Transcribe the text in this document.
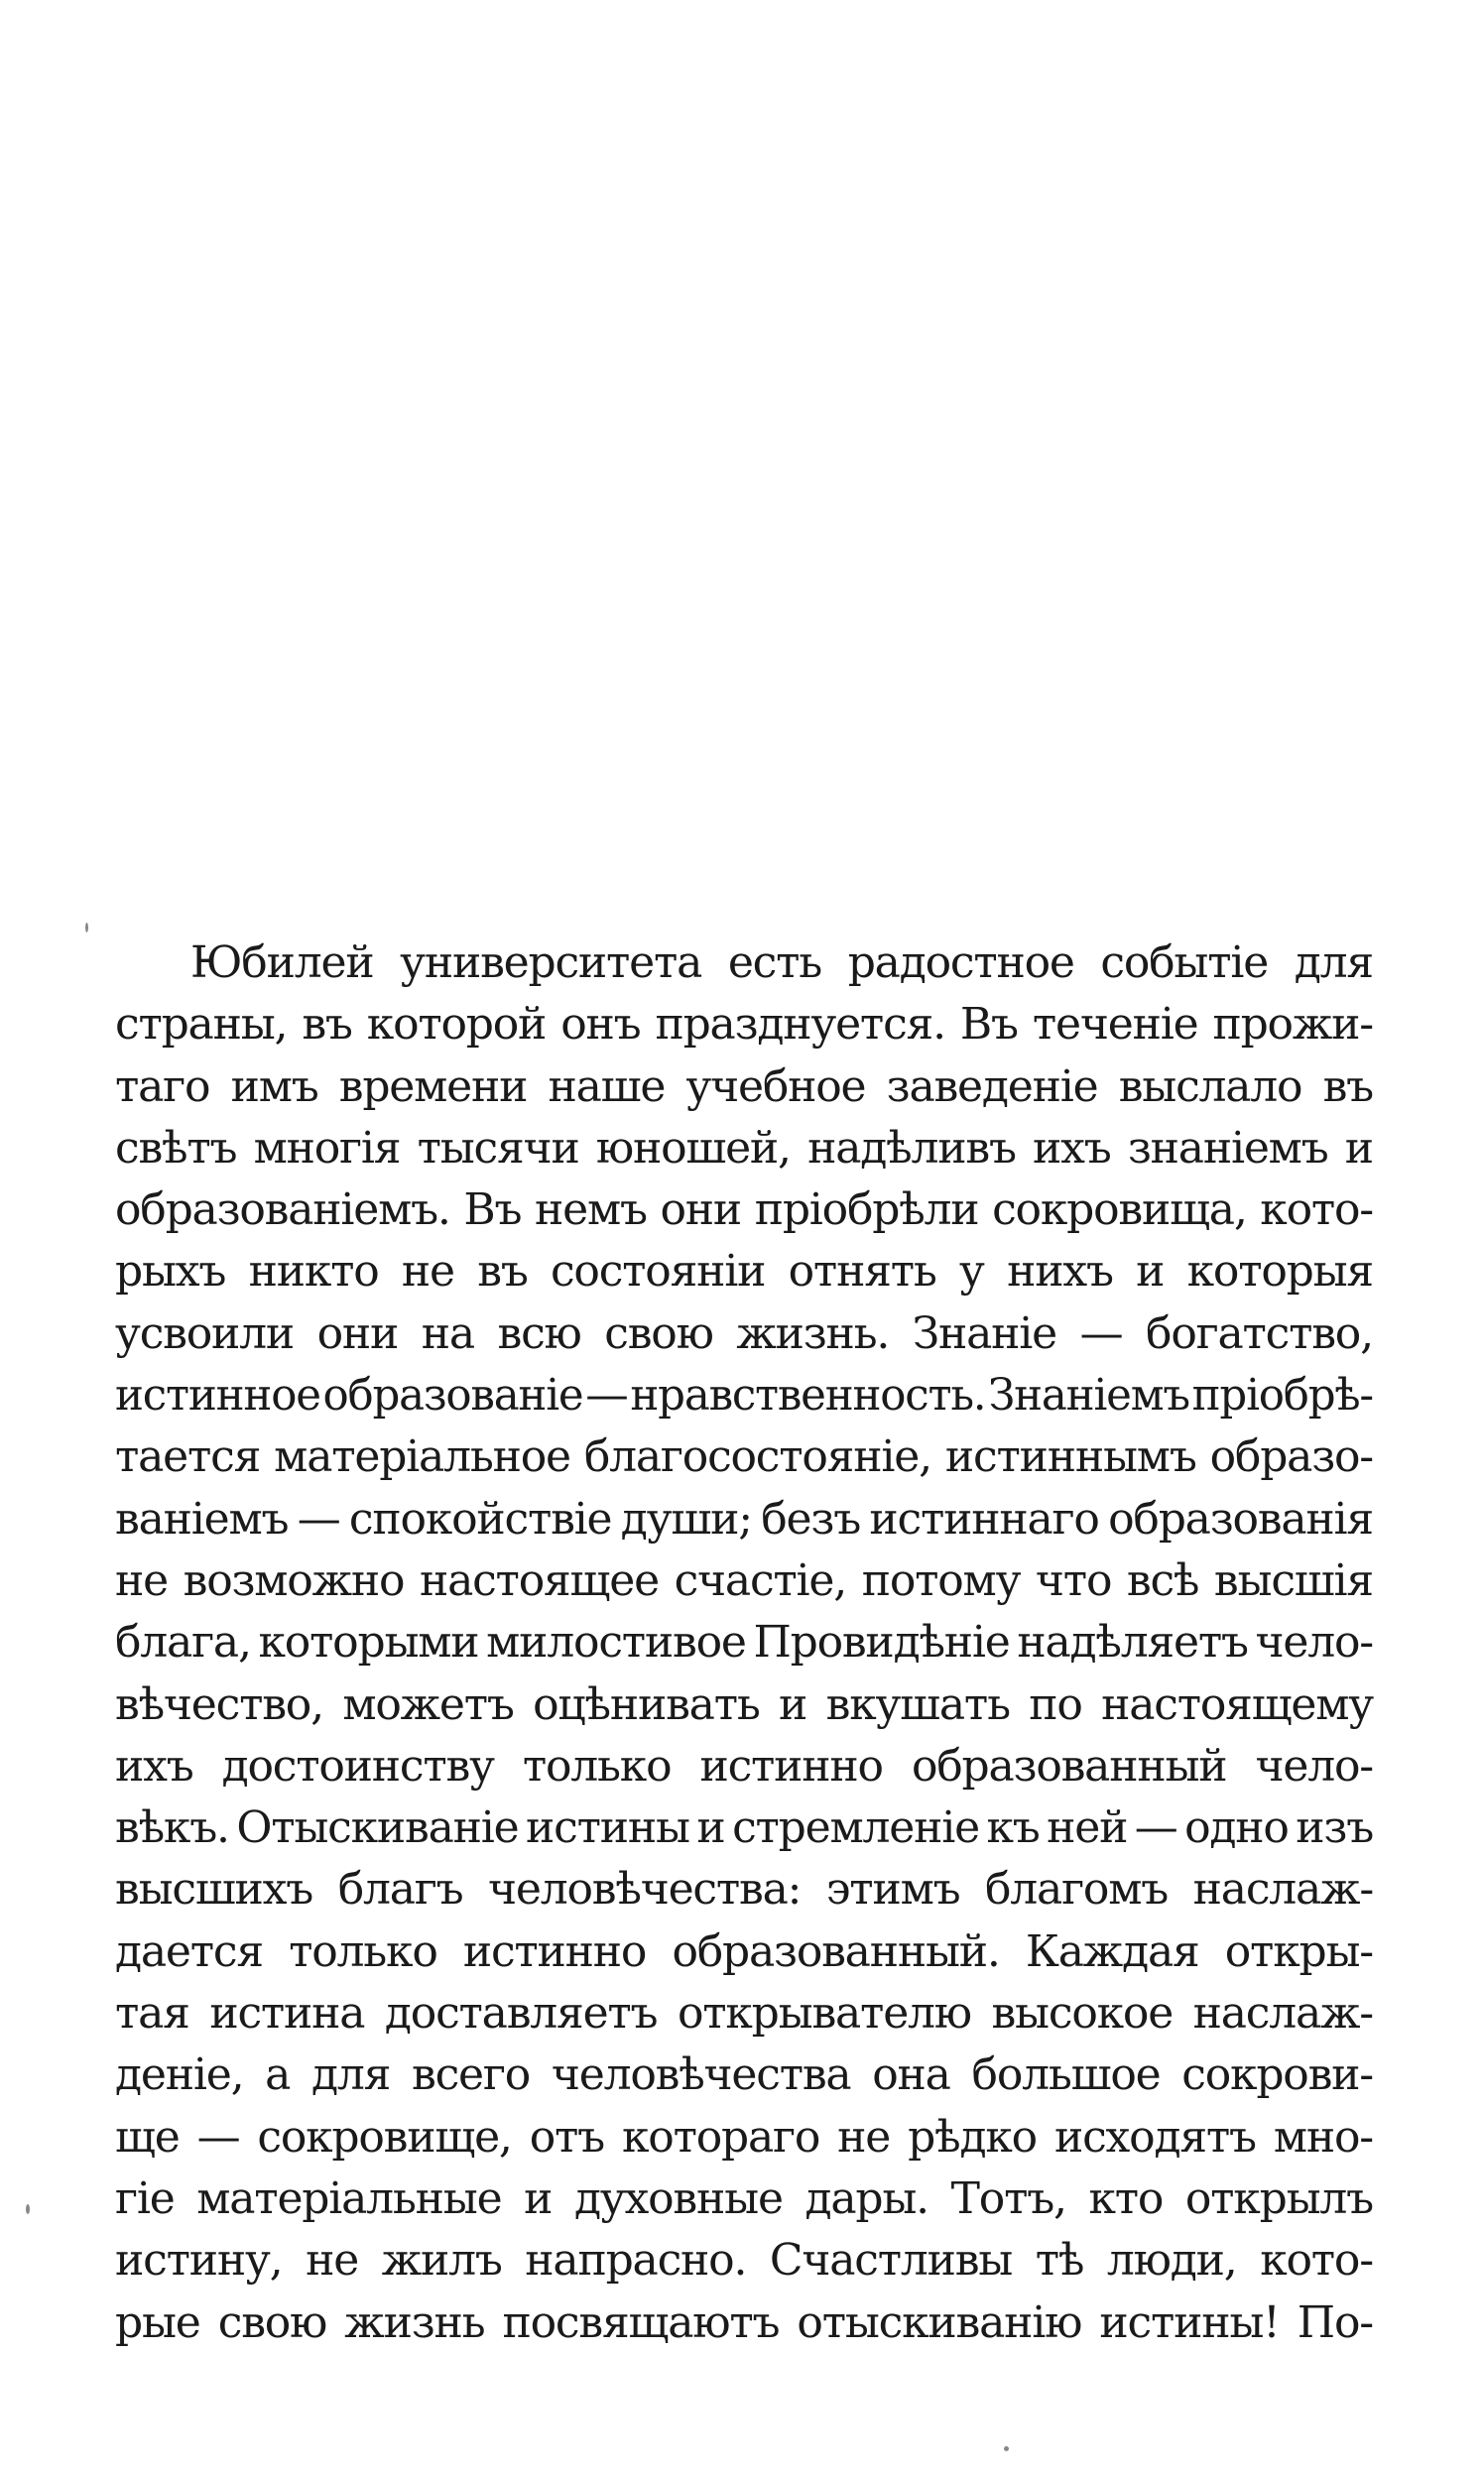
Юбилей университета есть радостное событіе для
страны, въ которой онъ празднуется. Въ теченіе прожи-
таго имъ времени наше учебное заведеніе выслало въ
свѣтъ многія тысячи юношей, надѣливъ ихъ знаніемъ и
образованіемъ. Въ немъ они пріобрѣли сокровища, кото-
рыхъ никто не въ состояніи отнять у нихъ и которыя
усвоили они на всю свою жизнь. Знаніе — богатство,
истинное образованіе — нравственность. Знаніемъ пріобрѣ-
тается матеріальное благосостояніе, истиннымъ образо-
ваніемъ — спокойствіе души; безъ истиннаго образованія
не возможно настоящее счастіе, потому что всѣ высшія
блага, которыми милостивое Провидѣніе надѣляетъ чело-
вѣчество, можетъ оцѣнивать и вкушать по настоящему
ихъ достоинству только истинно образованный чело-
вѣкъ. Отыскиваніе истины и стремленіе къ ней — одно изъ
высшихъ благъ человѣчества: этимъ благомъ наслаж-
дается только истинно образованный. Каждая откры-
тая истина доставляетъ открывателю высокое наслаж-
деніе, а для всего человѣчества она большое сокрови-
ще — сокровище, отъ котораго не рѣдко исходятъ мно-
гіе матеріальные и духовные дары. Тотъ, кто открылъ
истину, не жилъ напрасно. Счастливы тѣ люди, кото-
рые свою жизнь посвящаютъ отыскиванію истины! По-
